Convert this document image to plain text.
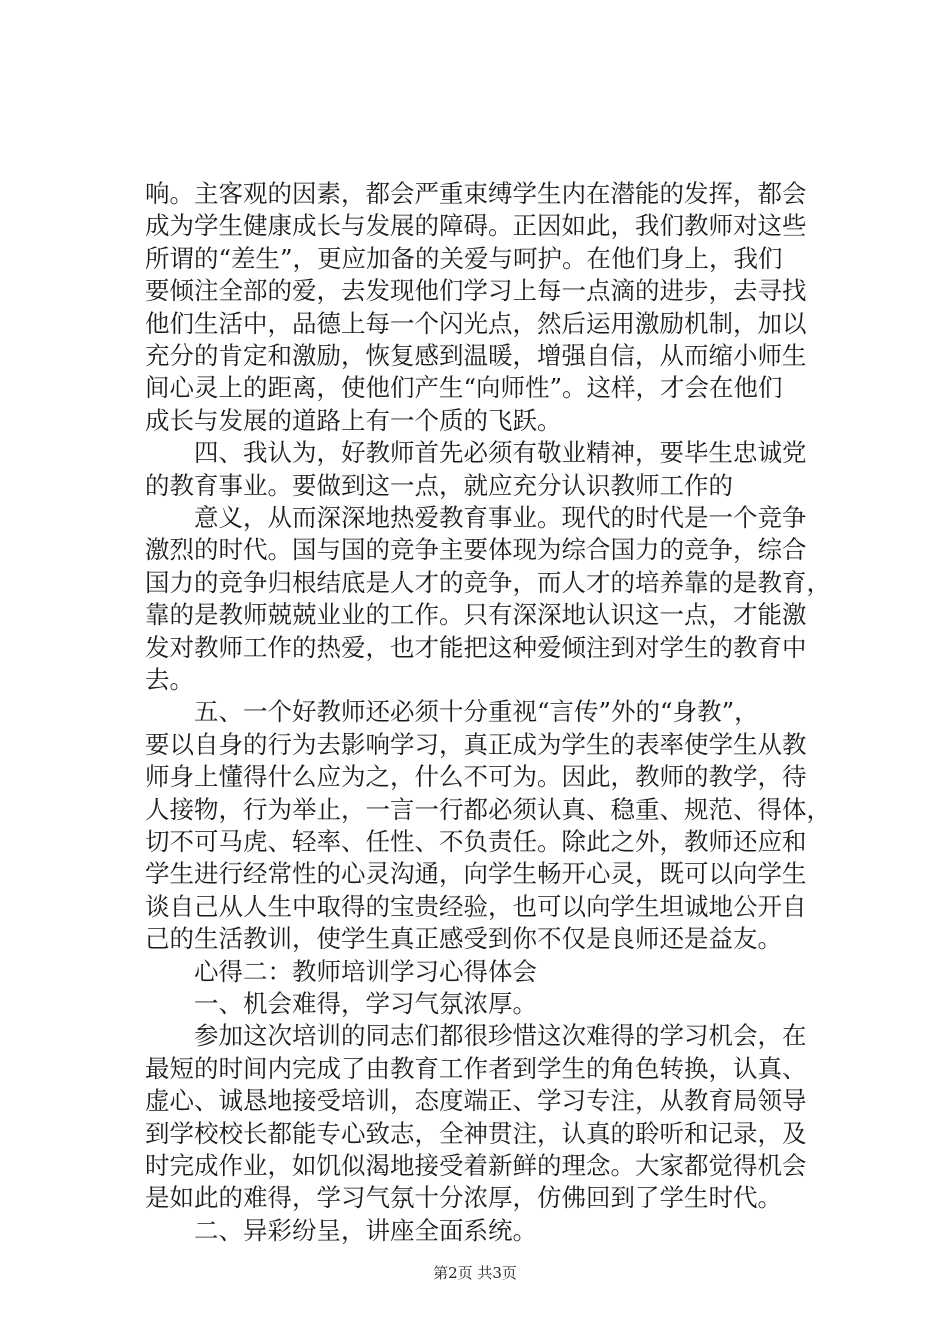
响。主客观的因素，都会严重束缚学生内在潜能的发挥，都会
成为学生健康成长与发展的障碍。正因如此，我们教师对这些
所谓的“差生”，更应加备的关爱与呵护。在他们身上，我们
要倾注全部的爱，去发现他们学习上每一点滴的进步，去寻找
他们生活中，品德上每一个闪光点，然后运用激励机制，加以
充分的肯定和激励，恢复感到温暖，增强自信，从而缩小师生
间心灵上的距离，使他们产生“向师性”。这样，才会在他们
成长与发展的道路上有一个质的飞跃。
　　四、我认为，好教师首先必须有敬业精神，要毕生忠诚党
的教育事业。要做到这一点，就应充分认识教师工作的
　　意义，从而深深地热爱教育事业。现代的时代是一个竞争
激烈的时代。国与国的竞争主要体现为综合国力的竞争，综合
国力的竞争归根结底是人才的竞争，而人才的培养靠的是教育，
靠的是教师兢兢业业的工作。只有深深地认识这一点，才能激
发对教师工作的热爱，也才能把这种爱倾注到对学生的教育中
去。
　　五、一个好教师还必须十分重视“言传”外的“身教”，
要以自身的行为去影响学习，真正成为学生的表率使学生从教
师身上懂得什么应为之，什么不可为。因此，教师的教学，待
人接物，行为举止，一言一行都必须认真、稳重、规范、得体，
切不可马虎、轻率、任性、不负责任。除此之外，教师还应和
学生进行经常性的心灵沟通，向学生畅开心灵，既可以向学生
谈自己从人生中取得的宝贵经验，也可以向学生坦诚地公开自
己的生活教训，使学生真正感受到你不仅是良师还是益友。
　　心得二：教师培训学习心得体会
　　一、机会难得，学习气氛浓厚。
　　参加这次培训的同志们都很珍惜这次难得的学习机会，在
最短的时间内完成了由教育工作者到学生的角色转换，认真、
虚心、诚恳地接受培训，态度端正、学习专注，从教育局领导
到学校校长都能专心致志，全神贯注，认真的聆听和记录，及
时完成作业，如饥似渴地接受着新鲜的理念。大家都觉得机会
是如此的难得，学习气氛十分浓厚，仿佛回到了学生时代。
　　二、异彩纷呈，讲座全面系统。
第2页 共3页
